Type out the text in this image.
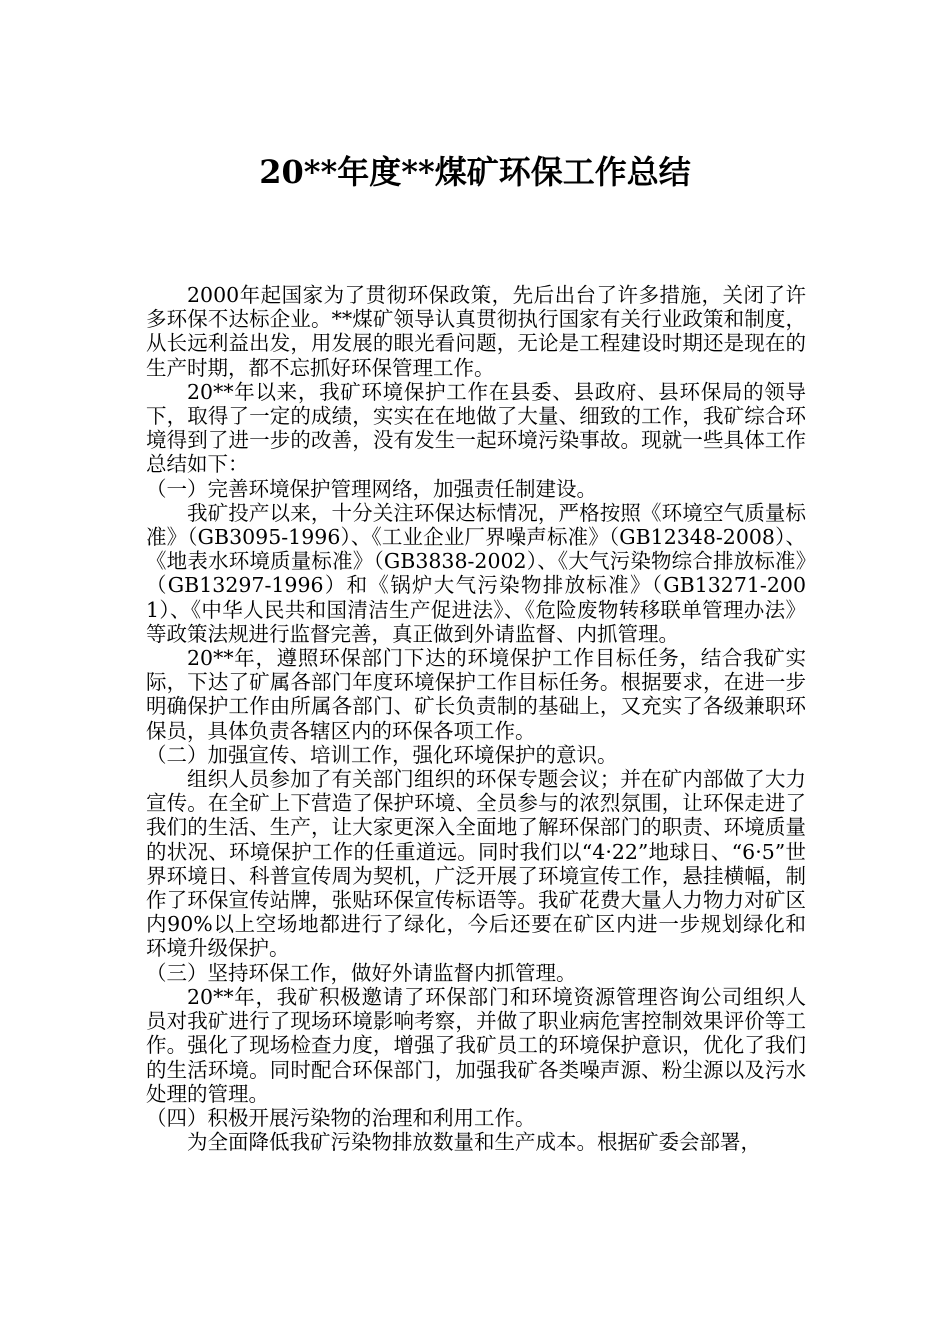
20**年度**煤矿环保工作总结

2000年起国家为了贯彻环保政策，先后出台了许多措施，关闭了许多环保不达标企业。**煤矿领导认真贯彻执行国家有关行业政策和制度，从长远利益出发，用发展的眼光看问题，无论是工程建设时期还是现在的生产时期，都不忘抓好环保管理工作。

20**年以来，我矿环境保护工作在县委、县政府、县环保局的领导下，取得了一定的成绩，实实在在地做了大量、细致的工作，我矿综合环境得到了进一步的改善，没有发生一起环境污染事故。现就一些具体工作总结如下：

（一）完善环境保护管理网络，加强责任制建设。

我矿投产以来，十分关注环保达标情况，严格按照《环境空气质量标准》（GB3095-1996）、《工业企业厂界噪声标准》（GB12348-2008）、《地表水环境质量标准》（GB3838-2002）、《大气污染物综合排放标准》（GB13297-1996）和《锅炉大气污染物排放标准》（GB13271-2001）、《中华人民共和国清洁生产促进法》、《危险废物转移联单管理办法》等政策法规进行监督完善，真正做到外请监督、内抓管理。

20**年，遵照环保部门下达的环境保护工作目标任务，结合我矿实际，下达了矿属各部门年度环境保护工作目标任务。根据要求，在进一步明确保护工作由所属各部门、矿长负责制的基础上，又充实了各级兼职环保员，具体负责各辖区内的环保各项工作。

（二）加强宣传、培训工作，强化环境保护的意识。

组织人员参加了有关部门组织的环保专题会议；并在矿内部做了大力宣传。在全矿上下营造了保护环境、全员参与的浓烈氛围，让环保走进了我们的生活、生产，让大家更深入全面地了解环保部门的职责、环境质量的状况、环境保护工作的任重道远。同时我们以“4·22”地球日、“6·5”世界环境日、科普宣传周为契机，广泛开展了环境宣传工作，悬挂横幅，制作了环保宣传站牌，张贴环保宣传标语等。我矿花费大量人力物力对矿区内90%以上空场地都进行了绿化，今后还要在矿区内进一步规划绿化和环境升级保护。

（三）坚持环保工作，做好外请监督内抓管理。

20**年，我矿积极邀请了环保部门和环境资源管理咨询公司组织人员对我矿进行了现场环境影响考察，并做了职业病危害控制效果评价等工作。强化了现场检查力度，增强了我矿员工的环境保护意识，优化了我们的生活环境。同时配合环保部门，加强我矿各类噪声源、粉尘源以及污水处理的管理。

（四）积极开展污染物的治理和利用工作。

为全面降低我矿污染物排放数量和生产成本。根据矿委会部署，
